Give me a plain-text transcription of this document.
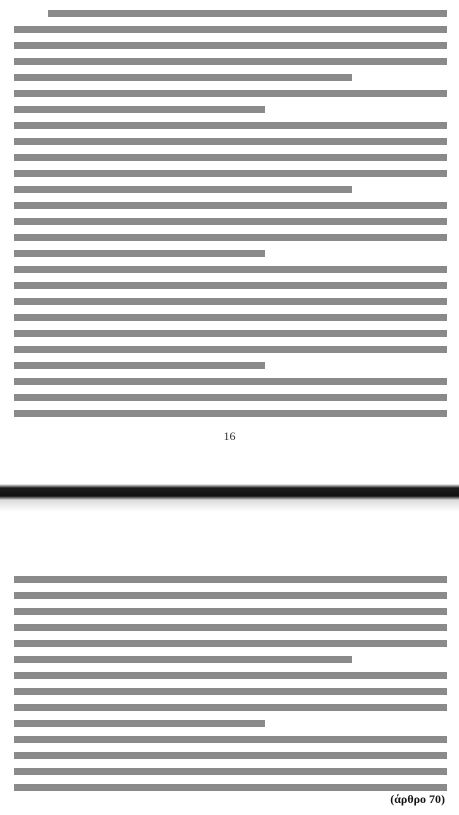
16
(άρθρο 70)
